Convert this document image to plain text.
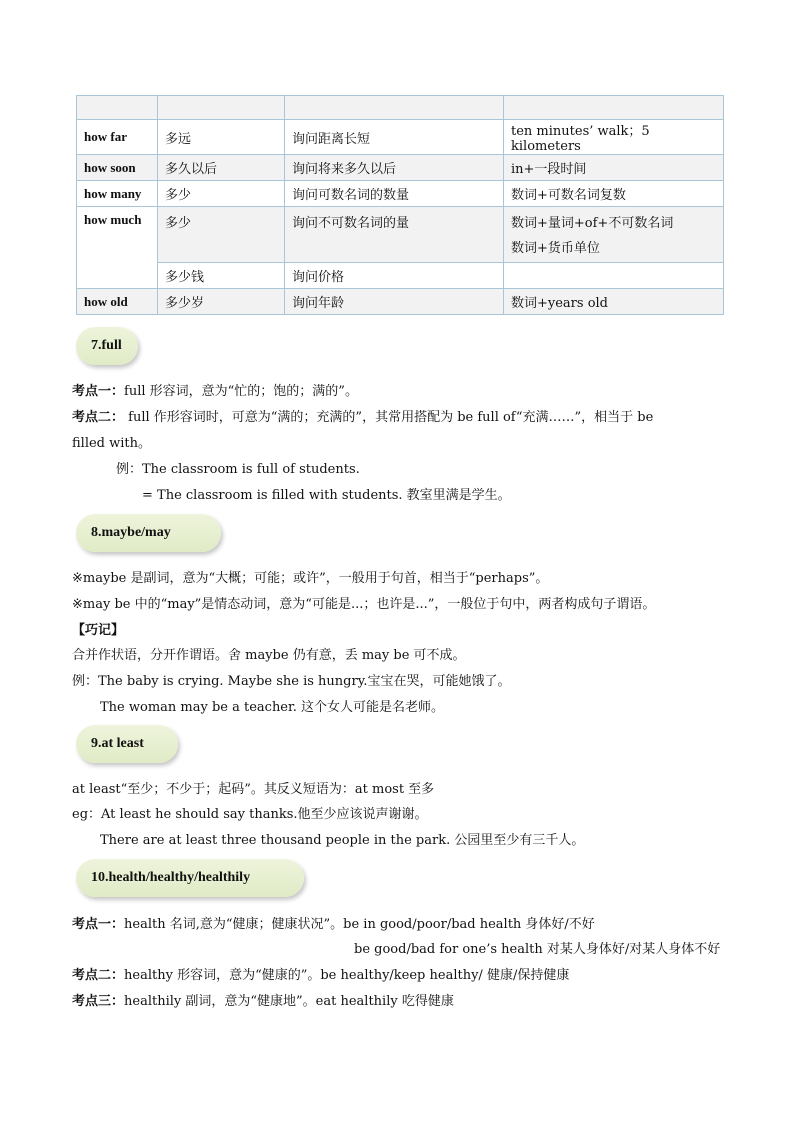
how far	多远	询问距离长短	ten minutes’ walk；5 kilometers
how soon	多久以后	询问将来多久以后	in+一段时间
how many	多少	询问可数名词的数量	数词+可数名词复数
how much	多少	询问不可数名词的量	数词+量词+of+不可数名词
数词+货币单位

	多少钱	询问价格	
how old	多少岁	询问年龄	数词+years old
7.full
考点一：full 形容词，意为“忙的；饱的；满的”。
考点二： full 作形容词时，可意为“满的；充满的”，其常用搭配为 be full of“充满……”，相当于 be
filled with。
例：The classroom is full of students.
= The classroom is filled with students. 教室里满是学生。
8.maybe/may
※maybe 是副词，意为“大概；可能；或许”，一般用于句首，相当于“perhaps”。
※may be 中的“may”是情态动词，意为“可能是...；也许是...”，一般位于句中，两者构成句子谓语。
【巧记】
合并作状语，分开作谓语。舍 maybe 仍有意，丢 may be 可不成。
例：The baby is crying. Maybe she is hungry.宝宝在哭，可能她饿了。
The woman may be a teacher. 这个女人可能是名老师。
9.at least
at least“至少；不少于；起码”。其反义短语为：at most 至多
eg：At least he should say thanks.他至少应该说声谢谢。
There are at least three thousand people in the park. 公园里至少有三千人。
10.health/healthy/healthily
考点一：health 名词,意为“健康；健康状况”。be in good/poor/bad health 身体好/不好
be good/bad for one’s health 对某人身体好/对某人身体不好
考点二：healthy 形容词，意为“健康的”。be healthy/keep healthy/ 健康/保持健康
考点三：healthily 副词，意为“健康地”。eat healthily 吃得健康
